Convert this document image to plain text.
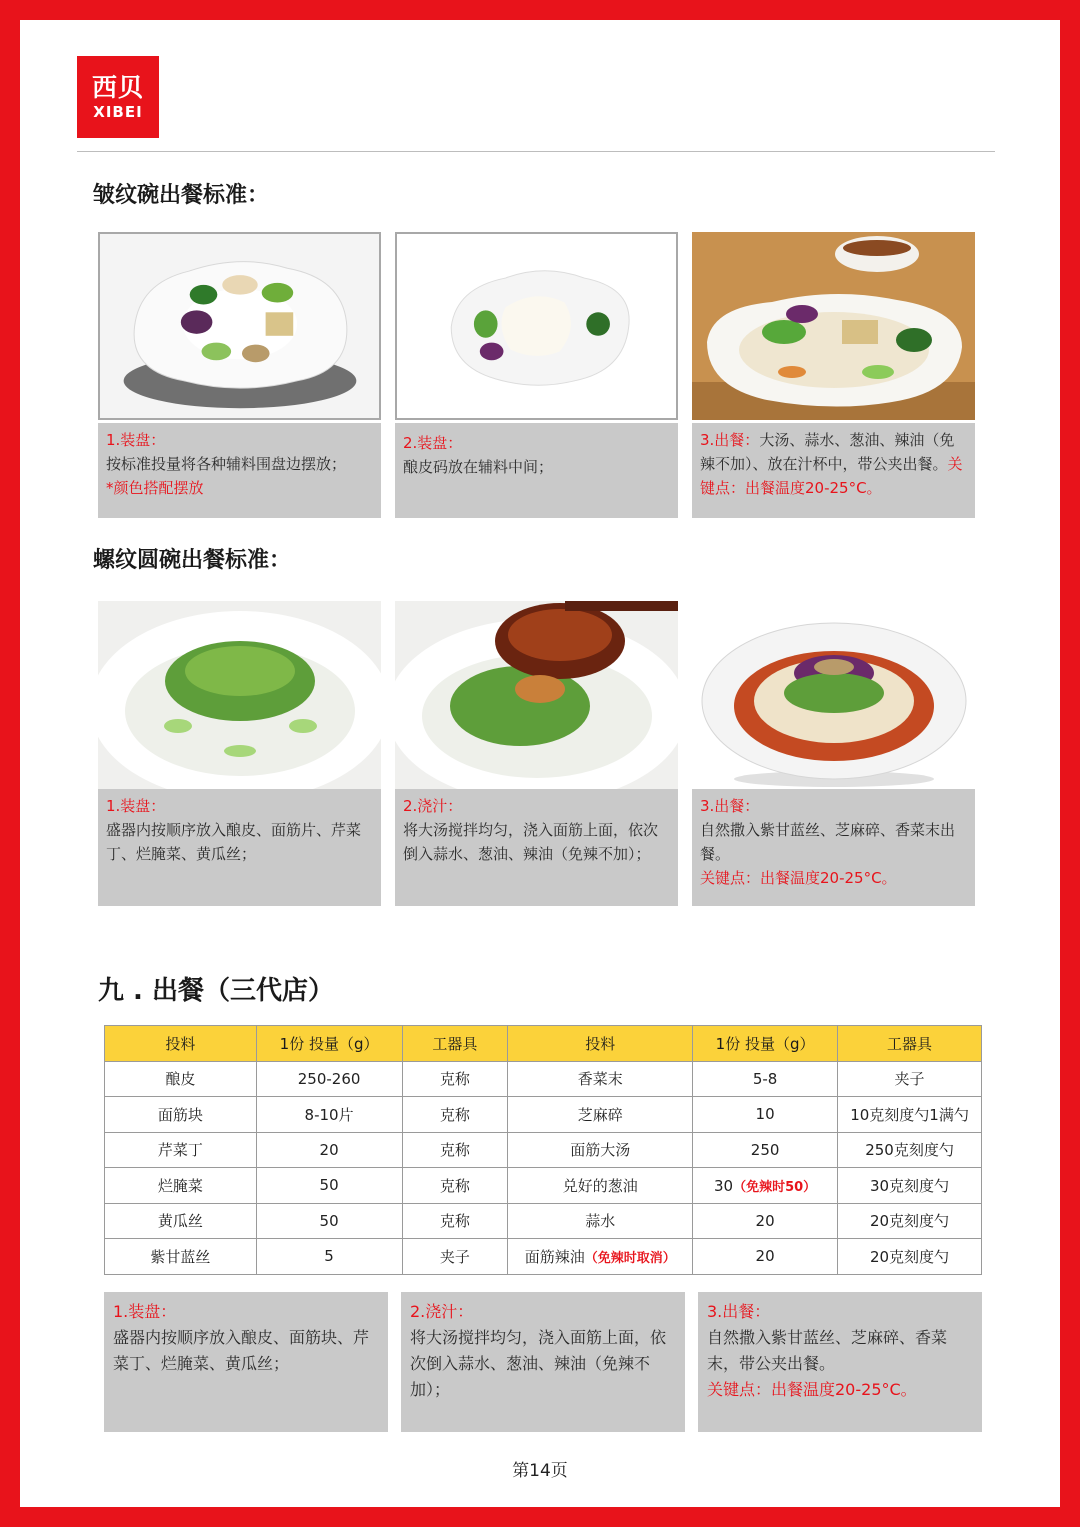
西贝
XIBEI
皱纹碗出餐标准：
1.装盘：
按标准投量将各种辅料围盘边摆放；
*颜色搭配摆放
2.装盘：
酿皮码放在辅料中间；
3.出餐：大汤、蒜水、葱油、辣油（免辣不加）、放在汁杯中，带公夹出餐。关键点：出餐温度20-25°C。
螺纹圆碗出餐标准：
1.装盘：
盛器内按顺序放入酿皮、面筋片、芹菜丁、烂腌菜、黄瓜丝；
2.浇汁：
将大汤搅拌均匀，浇入面筋上面，依次倒入蒜水、葱油、辣油（免辣不加）；
3.出餐：
自然撒入紫甘蓝丝、芝麻碎、香菜末出餐。
关键点：出餐温度20-25°C。
九 . 出餐（三代店）
投料	1份 投量（g）	工器具	投料	1份 投量（g）	工器具
酿皮	250-260	克称	香菜末	5-8	夹子
面筋块	8-10片	克称	芝麻碎	10	10克刻度勺1满勺
芹菜丁	20	克称	面筋大汤	250	250克刻度勺
烂腌菜	50	克称	兑好的葱油	30（免辣时50）	30克刻度勺
黄瓜丝	50	克称	蒜水	20	20克刻度勺
紫甘蓝丝	5	夹子	面筋辣油（免辣时取消）	20	20克刻度勺
1.装盘：
盛器内按顺序放入酿皮、面筋块、芹菜丁、烂腌菜、黄瓜丝；
2.浇汁：
将大汤搅拌均匀，浇入面筋上面，依次倒入蒜水、葱油、辣油（免辣不加）；
3.出餐：
自然撒入紫甘蓝丝、芝麻碎、香菜末，带公夹出餐。
关键点：出餐温度20-25°C。
第14页
